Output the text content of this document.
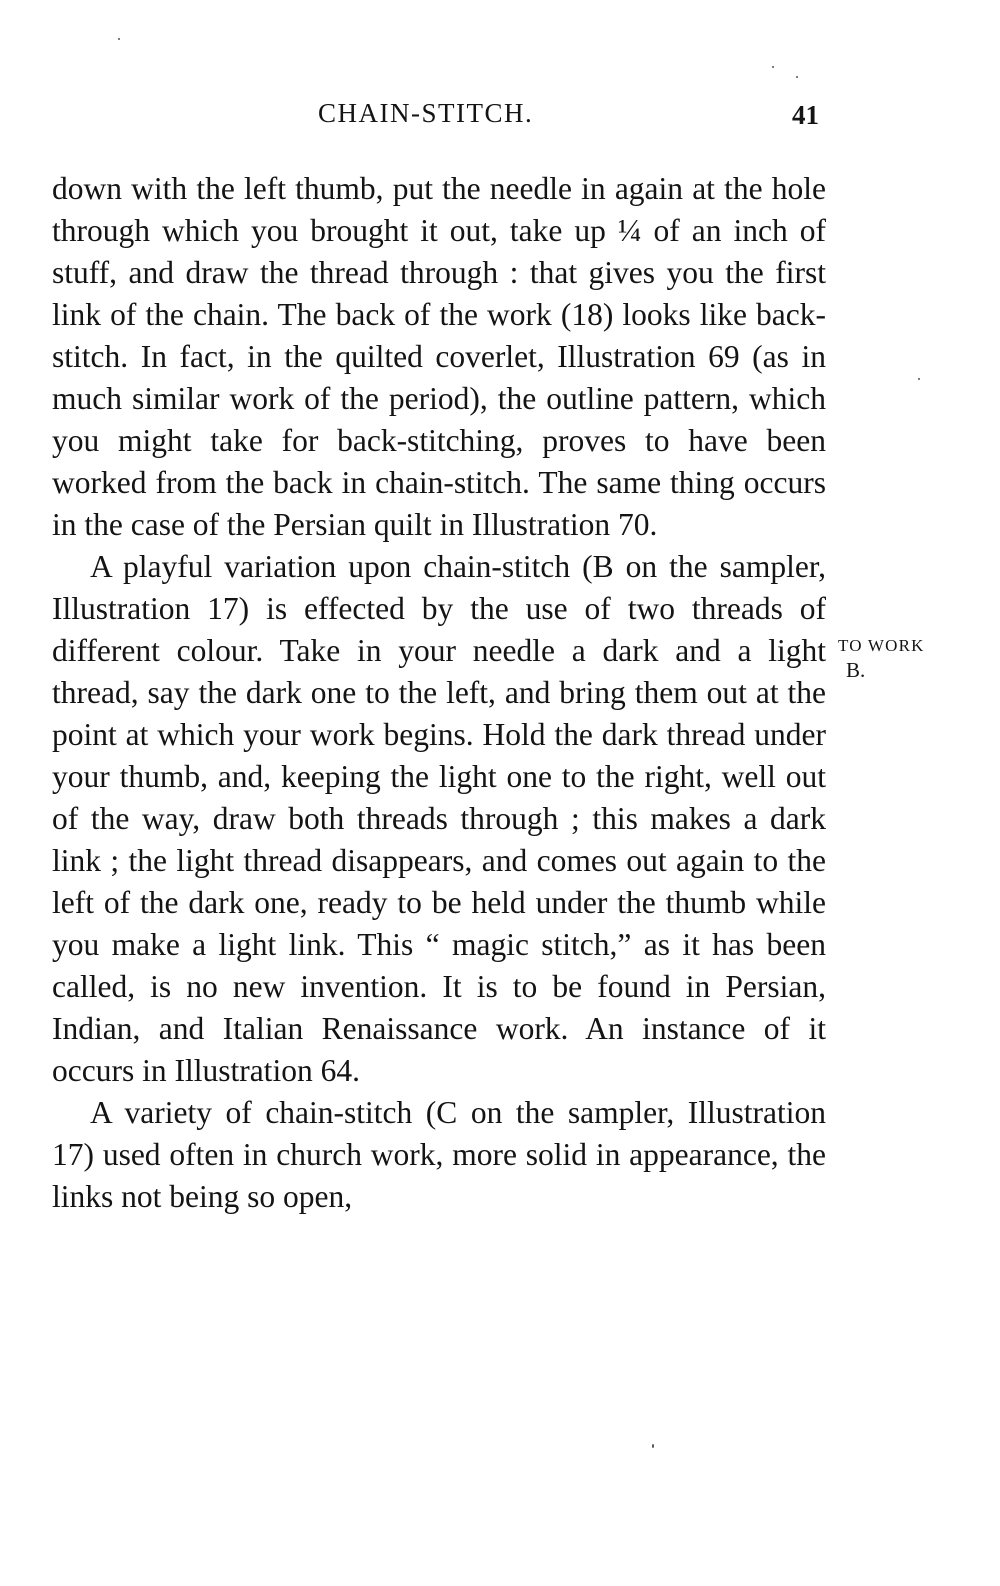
CHAIN-STITCH.	41

down with the left thumb, put the needle in again at the hole through which you brought it out, take up ¼ of an inch of stuff, and draw the thread through : that gives you the first link of the chain. The back of the work (18) looks like back-stitch. In fact, in the quilted coverlet, Illustration 69 (as in much similar work of the period), the outline pattern, which you might take for back-stitching, proves to have been worked from the back in chain-stitch. The same thing occurs in the case of the Persian quilt in Illustration 70.

A playful variation upon chain-stitch (B on the sampler, Illustration 17) is effected by the use of two threads of different colour. Take in your needle a dark and a light thread, say the dark one to the left, and bring them out at the point at which your work begins. Hold the dark thread under your thumb, and, keeping the light one to the right, well out of the way, draw both threads through ; this makes a dark link ; the light thread disappears, and comes out again to the left of the dark one, ready to be held under the thumb while you make a light link. This “ magic stitch,” as it has been called, is no new invention. It is to be found in Persian, Indian, and Italian Renaissance work. An instance of it occurs in Illustration 64.

A variety of chain-stitch (C on the sampler, Illustration 17) used often in church work, more solid in appearance, the links not being so open,

TO WORK
B.
